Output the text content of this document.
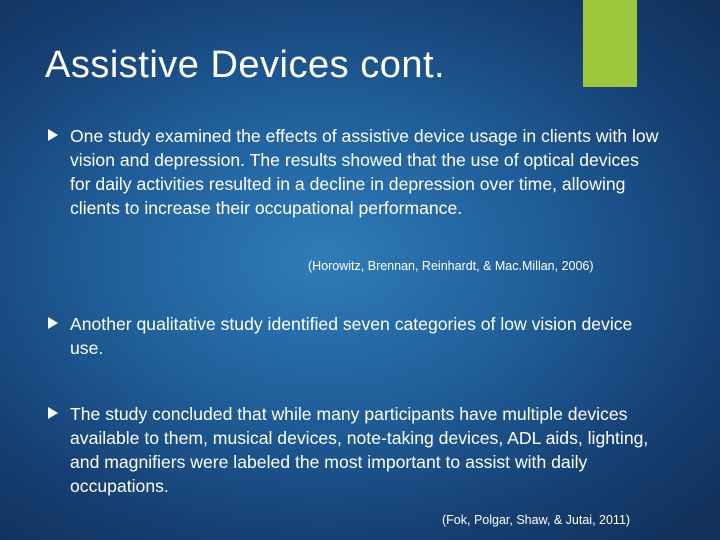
Assistive Devices cont.
One study examined the effects of assistive device usage in clients with low vision and depression. The results showed that the use of optical devices for daily activities resulted in a decline in depression over time, allowing clients to increase their occupational performance.
(Horowitz, Brennan, Reinhardt, & Mac.Millan, 2006)
Another qualitative study identified seven categories of low vision device use.
The study concluded that while many participants have multiple devices available to them, musical devices, note-taking devices, ADL aids, lighting, and magnifiers were labeled the most important to assist with daily occupations.
(Fok, Polgar, Shaw, & Jutai, 2011)
